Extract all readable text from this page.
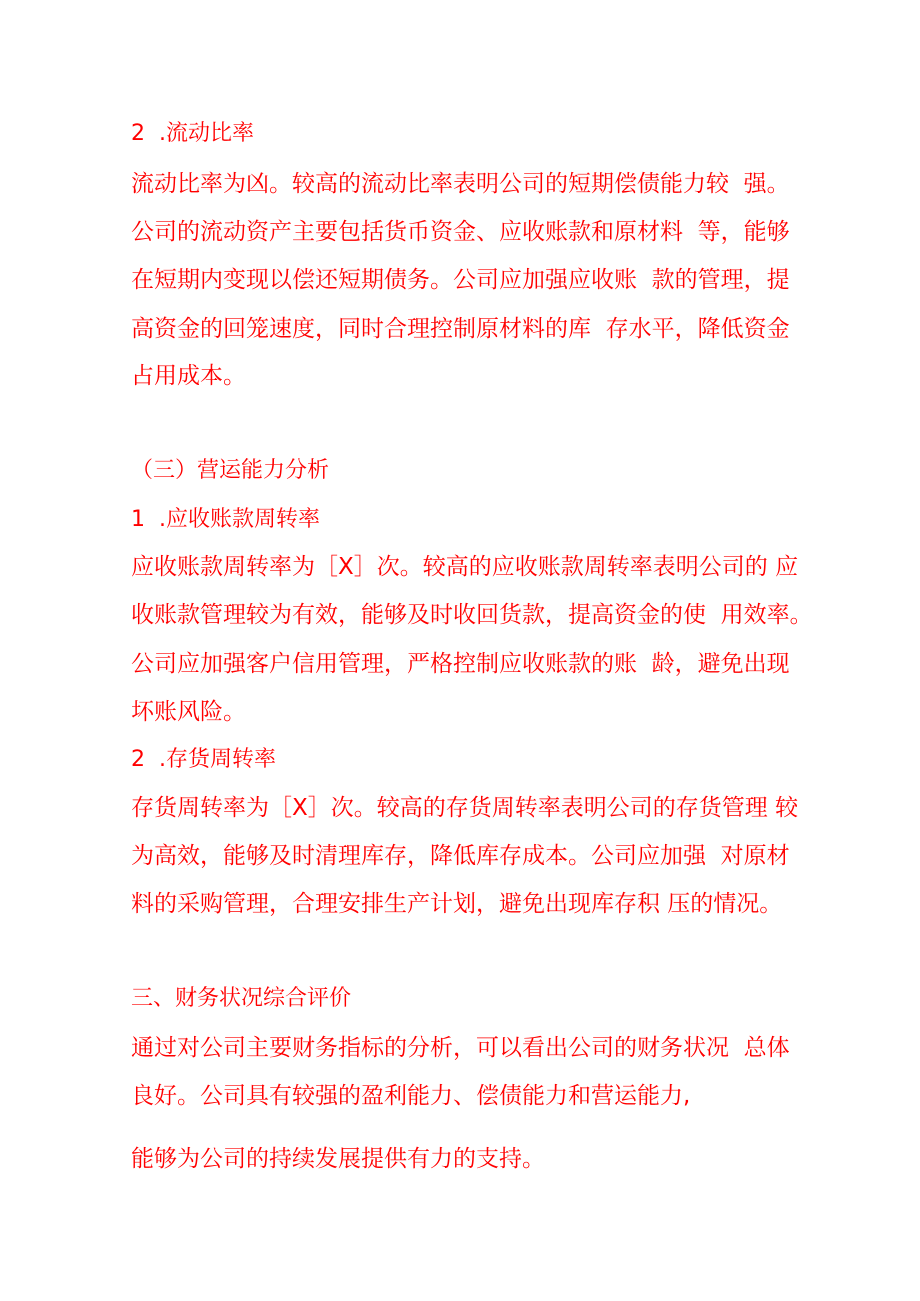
2  .流动比率
流动比率为凶。较高的流动比率表明公司的短期偿债能力较  强。
公司的流动资产主要包括货币资金、应收账款和原材料  等，能够
在短期内变现以偿还短期债务。公司应加强应收账  款的管理，提
高资金的回笼速度，同时合理控制原材料的库  存水平，降低资金
占用成本。
（三）营运能力分析
1  .应收账款周转率
应收账款周转率为［X］次。较高的应收账款周转率表明公司的 应
收账款管理较为有效，能够及时收回货款，提高资金的使  用效率。
公司应加强客户信用管理，严格控制应收账款的账  龄，避免出现
坏账风险。
2  .存货周转率
存货周转率为［X］次。较高的存货周转率表明公司的存货管理 较
为高效，能够及时清理库存，降低库存成本。公司应加强  对原材
料的采购管理，合理安排生产计划，避免出现库存积 压的情况。
三、财务状况综合评价
通过对公司主要财务指标的分析，可以看出公司的财务状况  总体
良好。公司具有较强的盈利能力、偿债能力和营运能力,
能够为公司的持续发展提供有力的支持。
